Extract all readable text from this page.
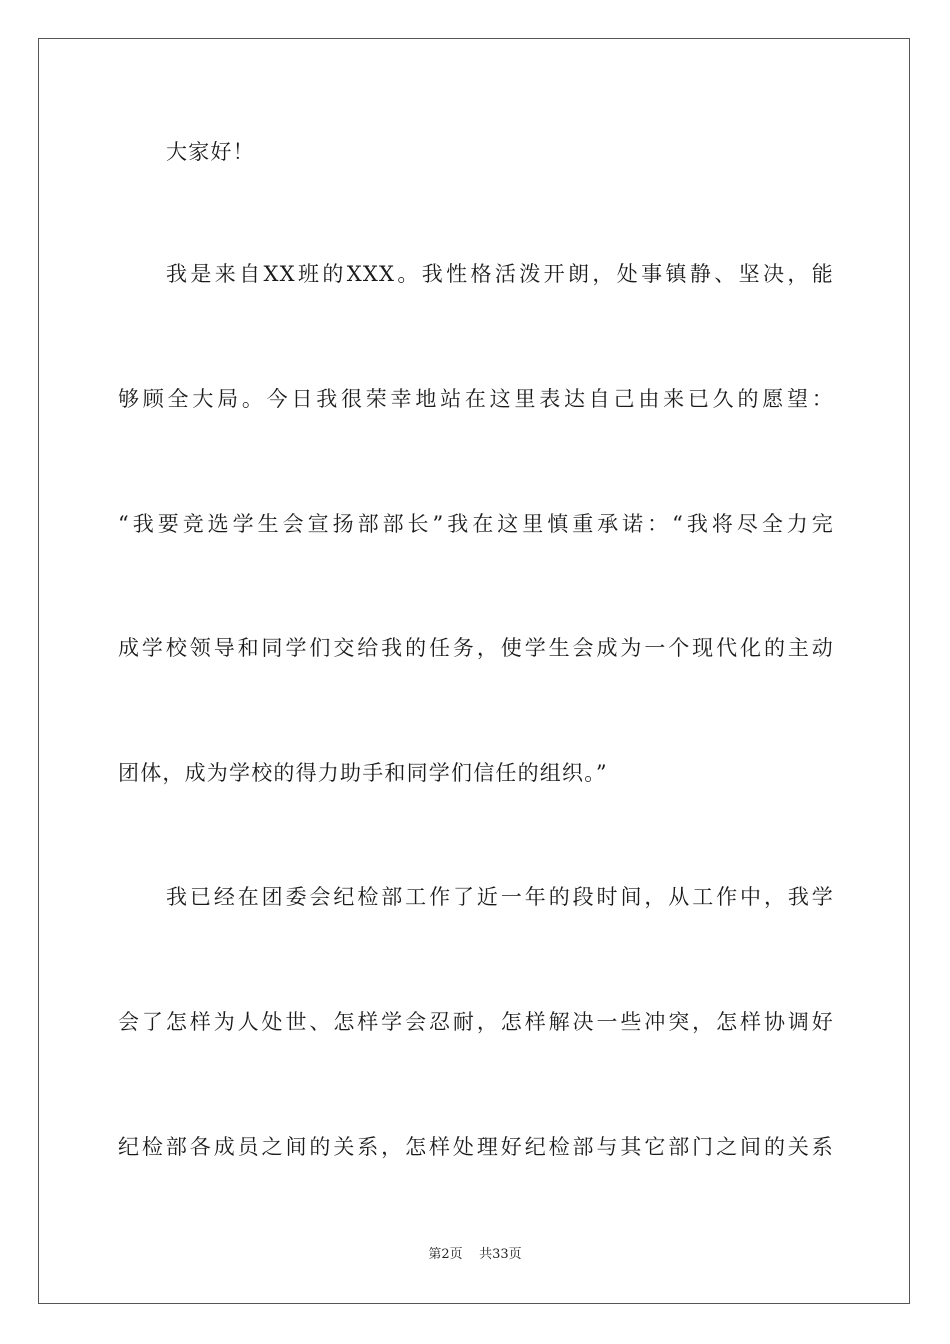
大家好！
我是来自XX班的XXX。我性格活泼开朗，处事镇静、坚决，能
够顾全大局。今日我很荣幸地站在这里表达自己由来已久的愿望：
“我要竞选学生会宣扬部部长”我在这里慎重承诺：“我将尽全力完
成学校领导和同学们交给我的任务，使学生会成为一个现代化的主动
团体，成为学校的得力助手和同学们信任的组织。”
我已经在团委会纪检部工作了近一年的段时间，从工作中，我学
会了怎样为人处世、怎样学会忍耐，怎样解决一些冲突，怎样协调好
纪检部各成员之间的关系，怎样处理好纪检部与其它部门之间的关系
第2页    共33页
